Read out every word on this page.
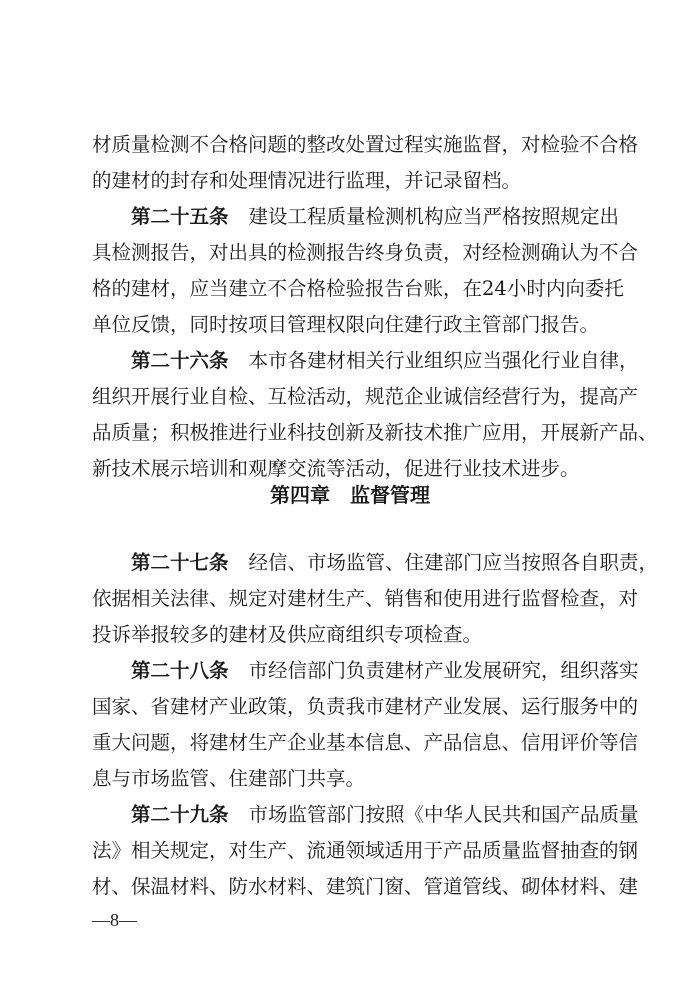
材质量检测不合格问题的整改处置过程实施监督，对检验不合格
的建材的封存和处理情况进行监理，并记录留档。
第二十五条 建设工程质量检测机构应当严格按照规定出
具检测报告，对出具的检测报告终身负责，对经检测确认为不合
格的建材，应当建立不合格检验报告台账，在24小时内向委托
单位反馈，同时按项目管理权限向住建行政主管部门报告。
第二十六条 本市各建材相关行业组织应当强化行业自律，
组织开展行业自检、互检活动，规范企业诚信经营行为，提高产
品质量；积极推进行业科技创新及新技术推广应用，开展新产品、
新技术展示培训和观摩交流等活动，促进行业技术进步。
第四章　监督管理
第二十七条 经信、市场监管、住建部门应当按照各自职责，
依据相关法律、规定对建材生产、销售和使用进行监督检查，对
投诉举报较多的建材及供应商组织专项检查。
第二十八条 市经信部门负责建材产业发展研究，组织落实
国家、省建材产业政策，负责我市建材产业发展、运行服务中的
重大问题，将建材生产企业基本信息、产品信息、信用评价等信
息与市场监管、住建部门共享。
第二十九条 市场监管部门按照《中华人民共和国产品质量
法》相关规定，对生产、流通领域适用于产品质量监督抽查的钢
材、保温材料、防水材料、建筑门窗、管道管线、砌体材料、建
—8—
